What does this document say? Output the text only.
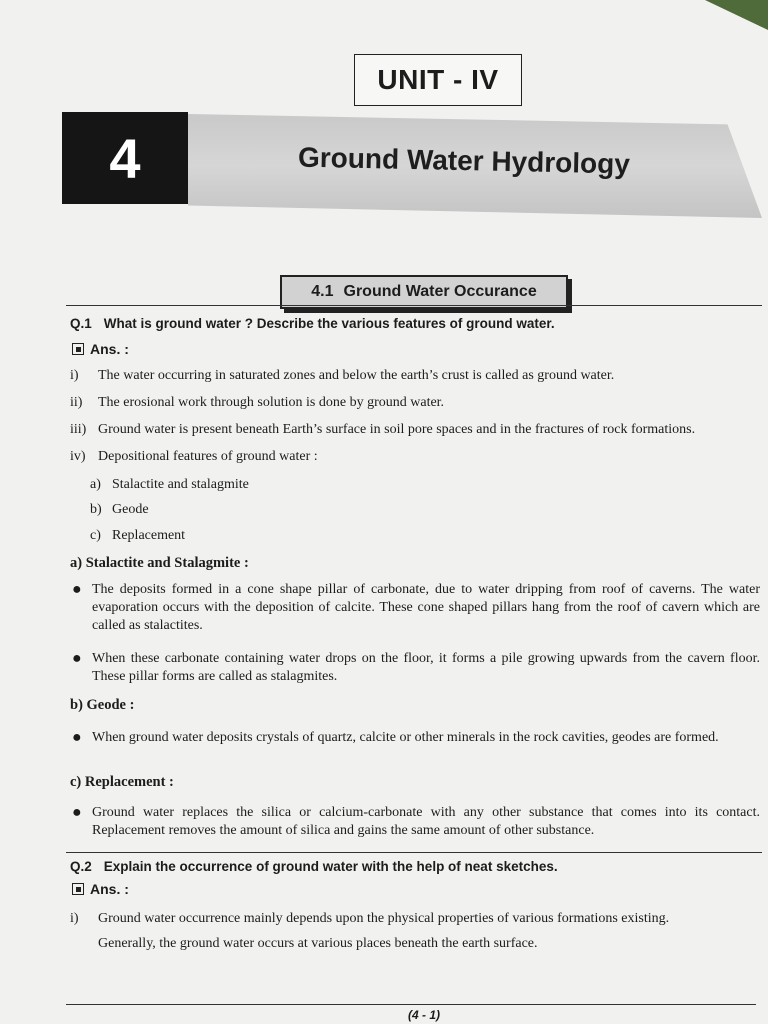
UNIT - IV
4	Ground Water Hydrology
4.1 Ground Water Occurance
Q.1 What is ground water ? Describe the various features of ground water.
Ans. :
i) The water occurring in saturated zones and below the earth’s crust is called as ground water.
ii) The erosional work through solution is done by ground water.
iii) Ground water is present beneath Earth’s surface in soil pore spaces and in the fractures of rock formations.
iv) Depositional features of ground water :
a) Stalactite and stalagmite
b) Geode
c) Replacement
a) Stalactite and Stalagmite :
● The deposits formed in a cone shape pillar of carbonate, due to water dripping from roof of caverns. The water evaporation occurs with the deposition of calcite. These cone shaped pillars hang from the roof of cavern which are called as stalactites.
● When these carbonate containing water drops on the floor, it forms a pile growing upwards from the cavern floor. These pillar forms are called as stalagmites.
b) Geode :
● When ground water deposits crystals of quartz, calcite or other minerals in the rock cavities, geodes are formed.
c) Replacement :
● Ground water replaces the silica or calcium-carbonate with any other substance that comes into its contact. Replacement removes the amount of silica and gains the same amount of other substance.
Q.2 Explain the occurrence of ground water with the help of neat sketches.
Ans. :
i) Ground water occurrence mainly depends upon the physical properties of various formations existing.
Generally, the ground water occurs at various places beneath the earth surface.
(4 - 1)
